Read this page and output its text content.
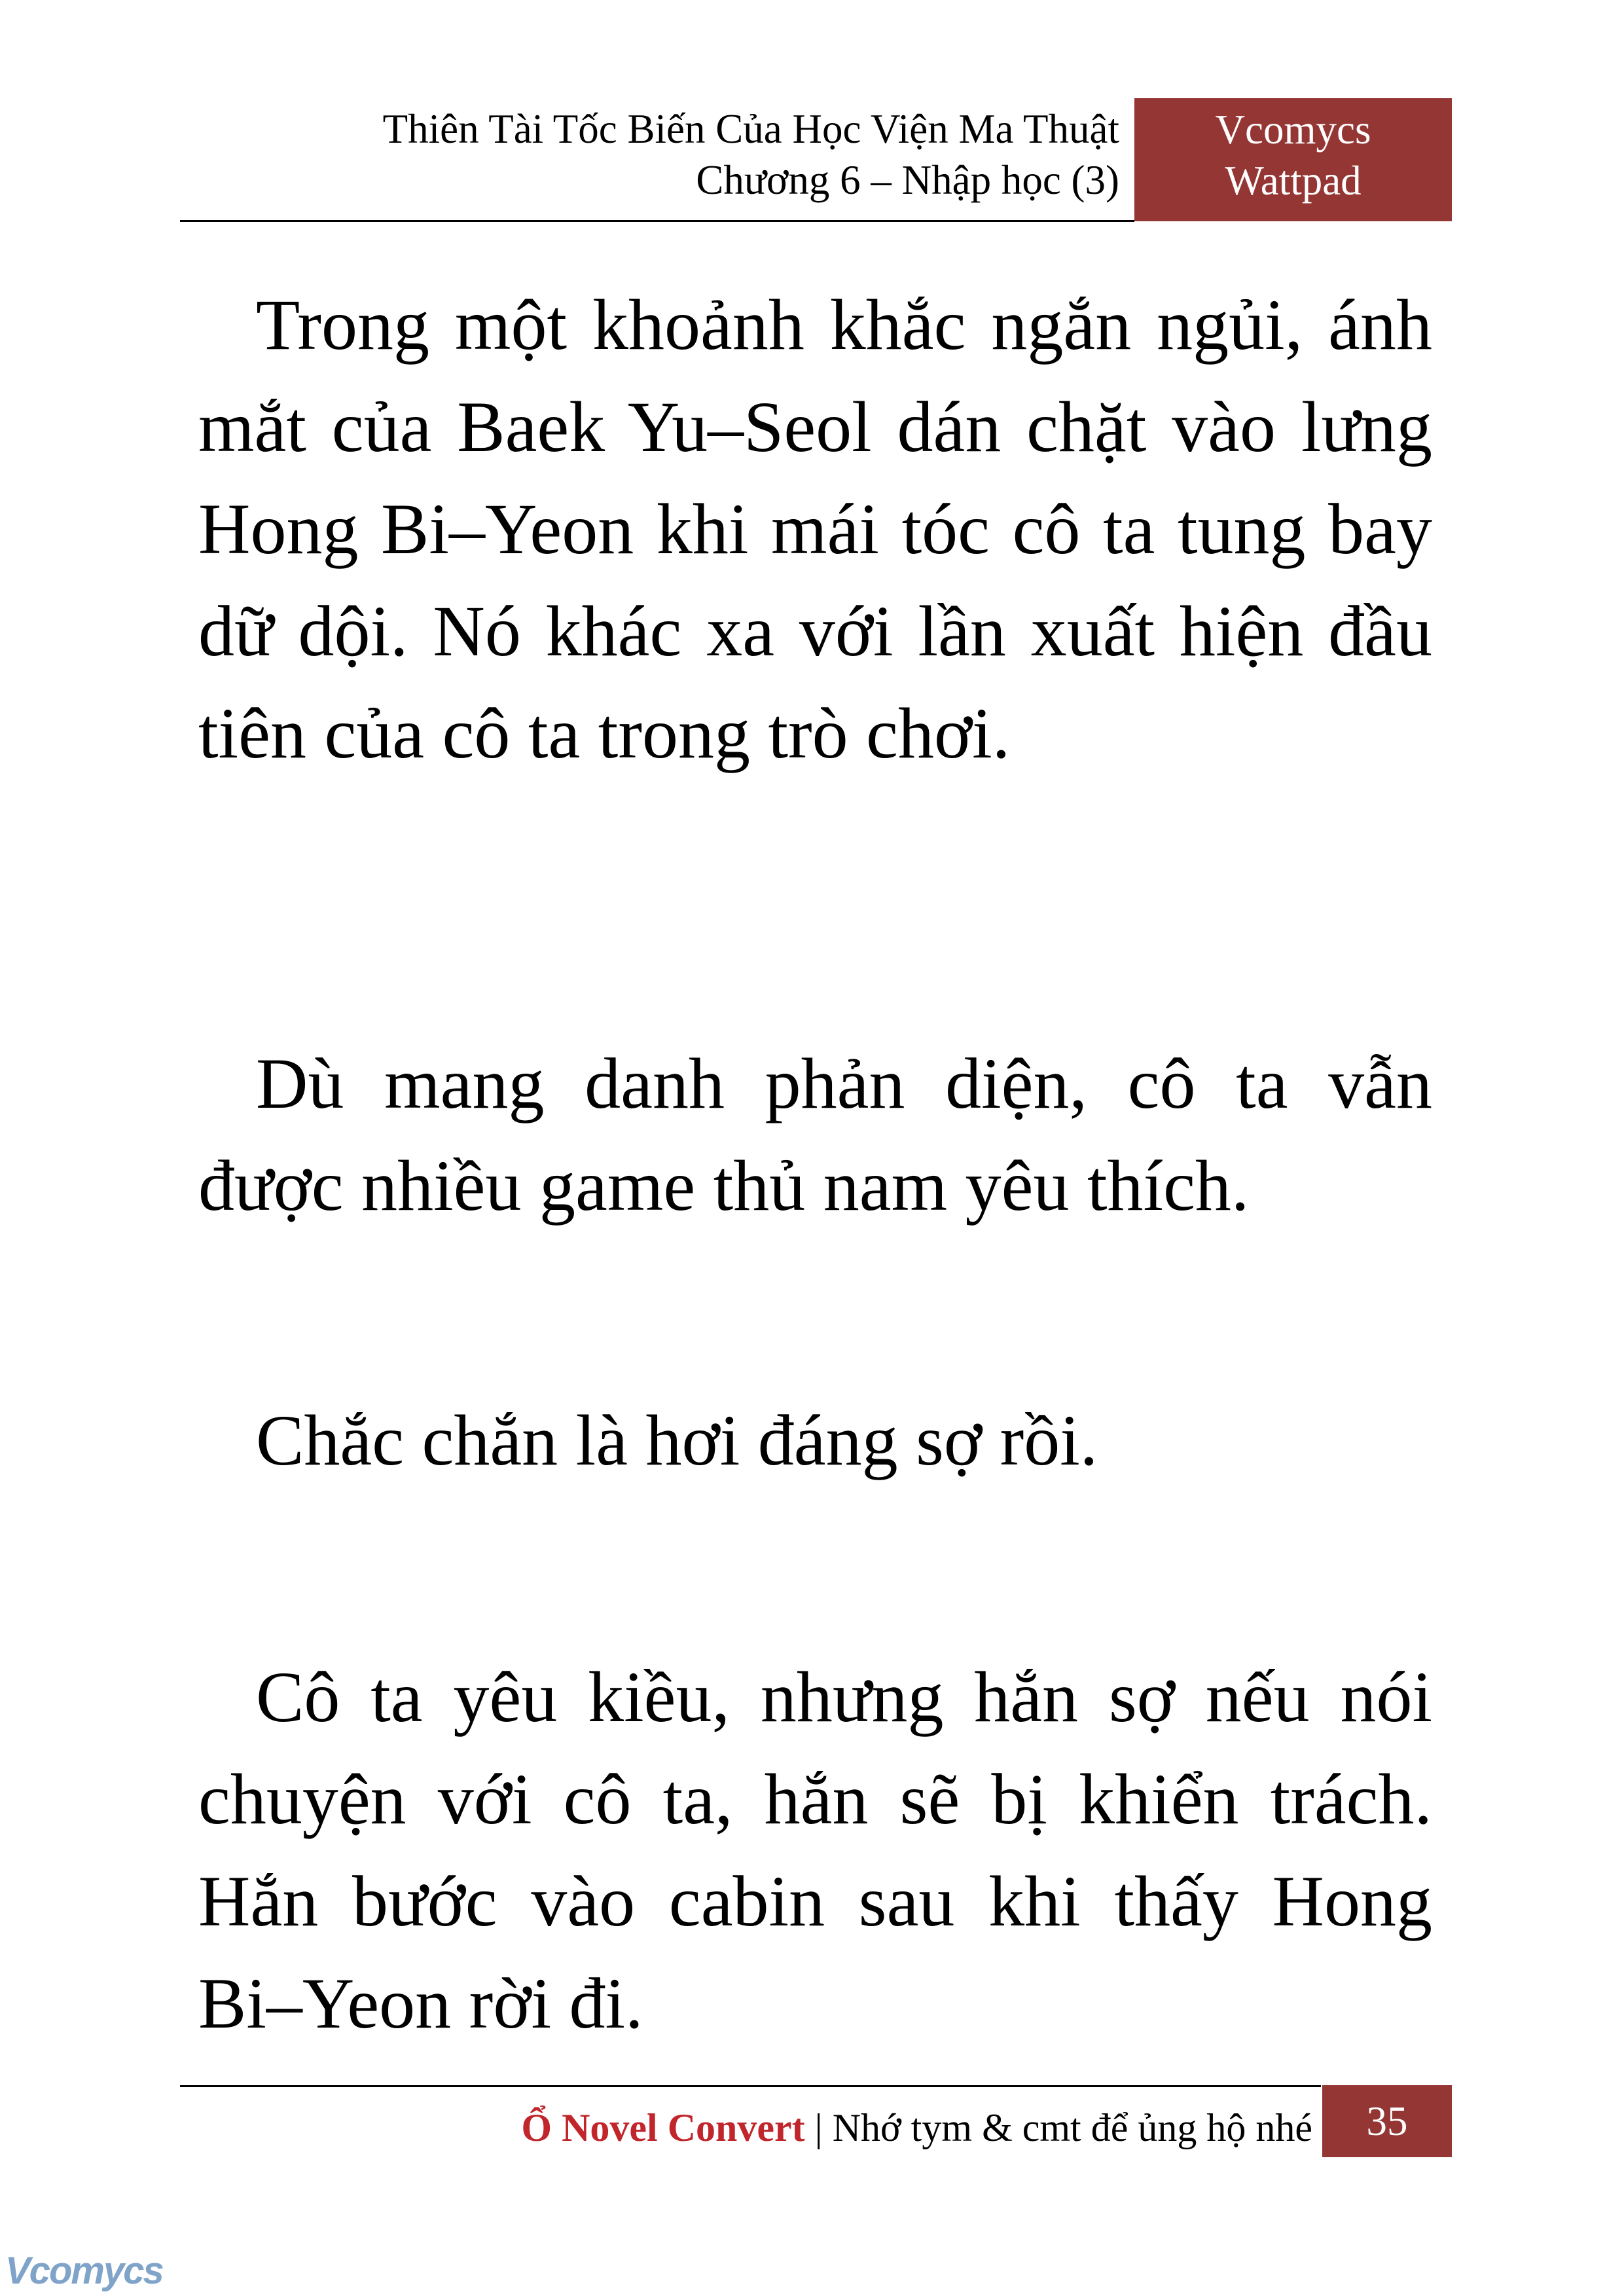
Thiên Tài Tốc Biến Của Học Viện Ma Thuật
Chương 6 – Nhập học (3)
Vcomycs
Wattpad

Trong một khoảnh khắc ngắn ngủi, ánh mắt của Baek Yu–Seol dán chặt vào lưng Hong Bi–Yeon khi mái tóc cô ta tung bay dữ dội. Nó khác xa với lần xuất hiện đầu tiên của cô ta trong trò chơi.

Dù mang danh phản diện, cô ta vẫn được nhiều game thủ nam yêu thích.

Chắc chắn là hơi đáng sợ rồi.

Cô ta yêu kiều, nhưng hắn sợ nếu nói chuyện với cô ta, hắn sẽ bị khiển trách. Hắn bước vào cabin sau khi thấy Hong Bi–Yeon rời đi.

Ổ Novel Convert | Nhớ tym & cmt để ủng hộ nhé	35
Vcomycs
